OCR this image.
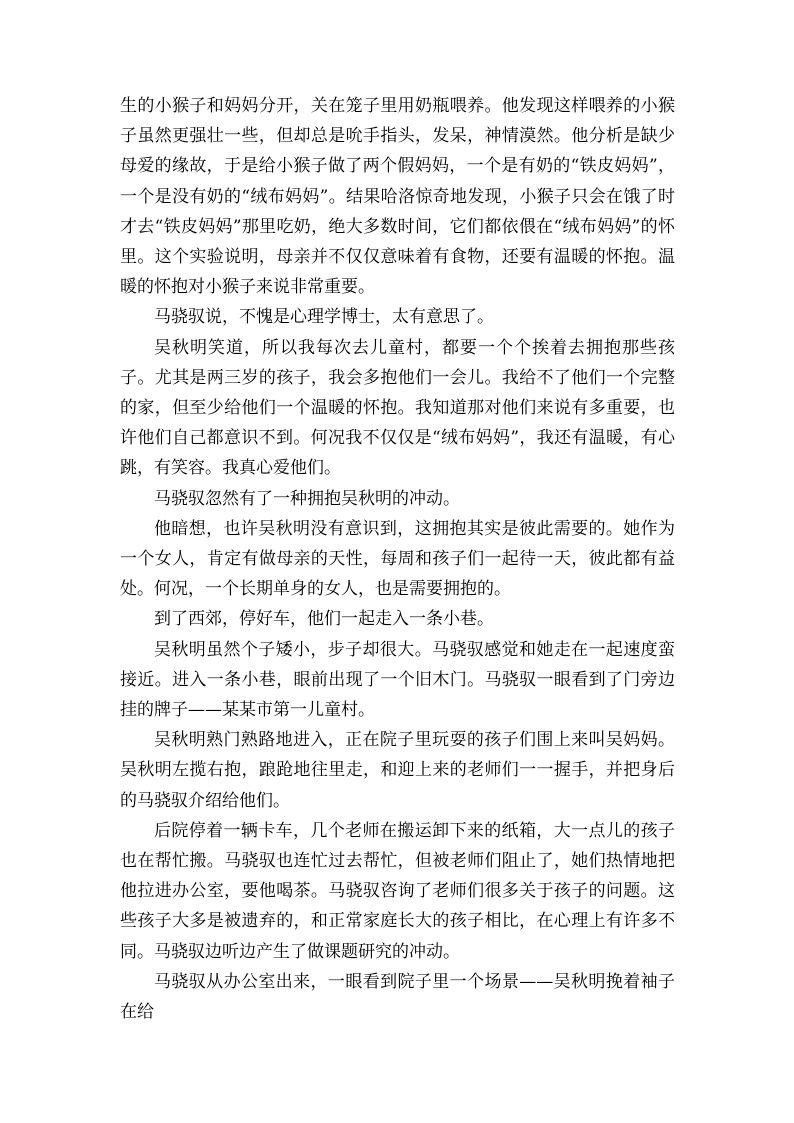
生的小猴子和妈妈分开，关在笼子里用奶瓶喂养。他发现这样喂养的小猴子虽然更强壮一些，但却总是吮手指头，发呆，神情漠然。他分析是缺少母爱的缘故，于是给小猴子做了两个假妈妈，一个是有奶的“铁皮妈妈”，一个是没有奶的“绒布妈妈”。结果哈洛惊奇地发现，小猴子只会在饿了时才去“铁皮妈妈”那里吃奶，绝大多数时间，它们都依偎在“绒布妈妈”的怀里。这个实验说明，母亲并不仅仅意味着有食物，还要有温暖的怀抱。温暖的怀抱对小猴子来说非常重要。

马骁驭说，不愧是心理学博士，太有意思了。

吴秋明笑道，所以我每次去儿童村，都要一个个挨着去拥抱那些孩子。尤其是两三岁的孩子，我会多抱他们一会儿。我给不了他们一个完整的家，但至少给他们一个温暖的怀抱。我知道那对他们来说有多重要，也许他们自己都意识不到。何况我不仅仅是“绒布妈妈”，我还有温暖，有心跳，有笑容。我真心爱他们。

马骁驭忽然有了一种拥抱吴秋明的冲动。

他暗想，也许吴秋明没有意识到，这拥抱其实是彼此需要的。她作为一个女人，肯定有做母亲的天性，每周和孩子们一起待一天，彼此都有益处。何况，一个长期单身的女人，也是需要拥抱的。

到了西郊，停好车，他们一起走入一条小巷。

吴秋明虽然个子矮小，步子却很大。马骁驭感觉和她走在一起速度蛮接近。进入一条小巷，眼前出现了一个旧木门。马骁驭一眼看到了门旁边挂的牌子——某某市第一儿童村。

吴秋明熟门熟路地进入，正在院子里玩耍的孩子们围上来叫吴妈妈。吴秋明左揽右抱，踉跄地往里走，和迎上来的老师们一一握手，并把身后的马骁驭介绍给他们。

后院停着一辆卡车，几个老师在搬运卸下来的纸箱，大一点儿的孩子也在帮忙搬。马骁驭也连忙过去帮忙，但被老师们阻止了，她们热情地把他拉进办公室，要他喝茶。马骁驭咨询了老师们很多关于孩子的问题。这些孩子大多是被遗弃的，和正常家庭长大的孩子相比，在心理上有许多不同。马骁驭边听边产生了做课题研究的冲动。

马骁驭从办公室出来，一眼看到院子里一个场景——吴秋明挽着袖子在给
